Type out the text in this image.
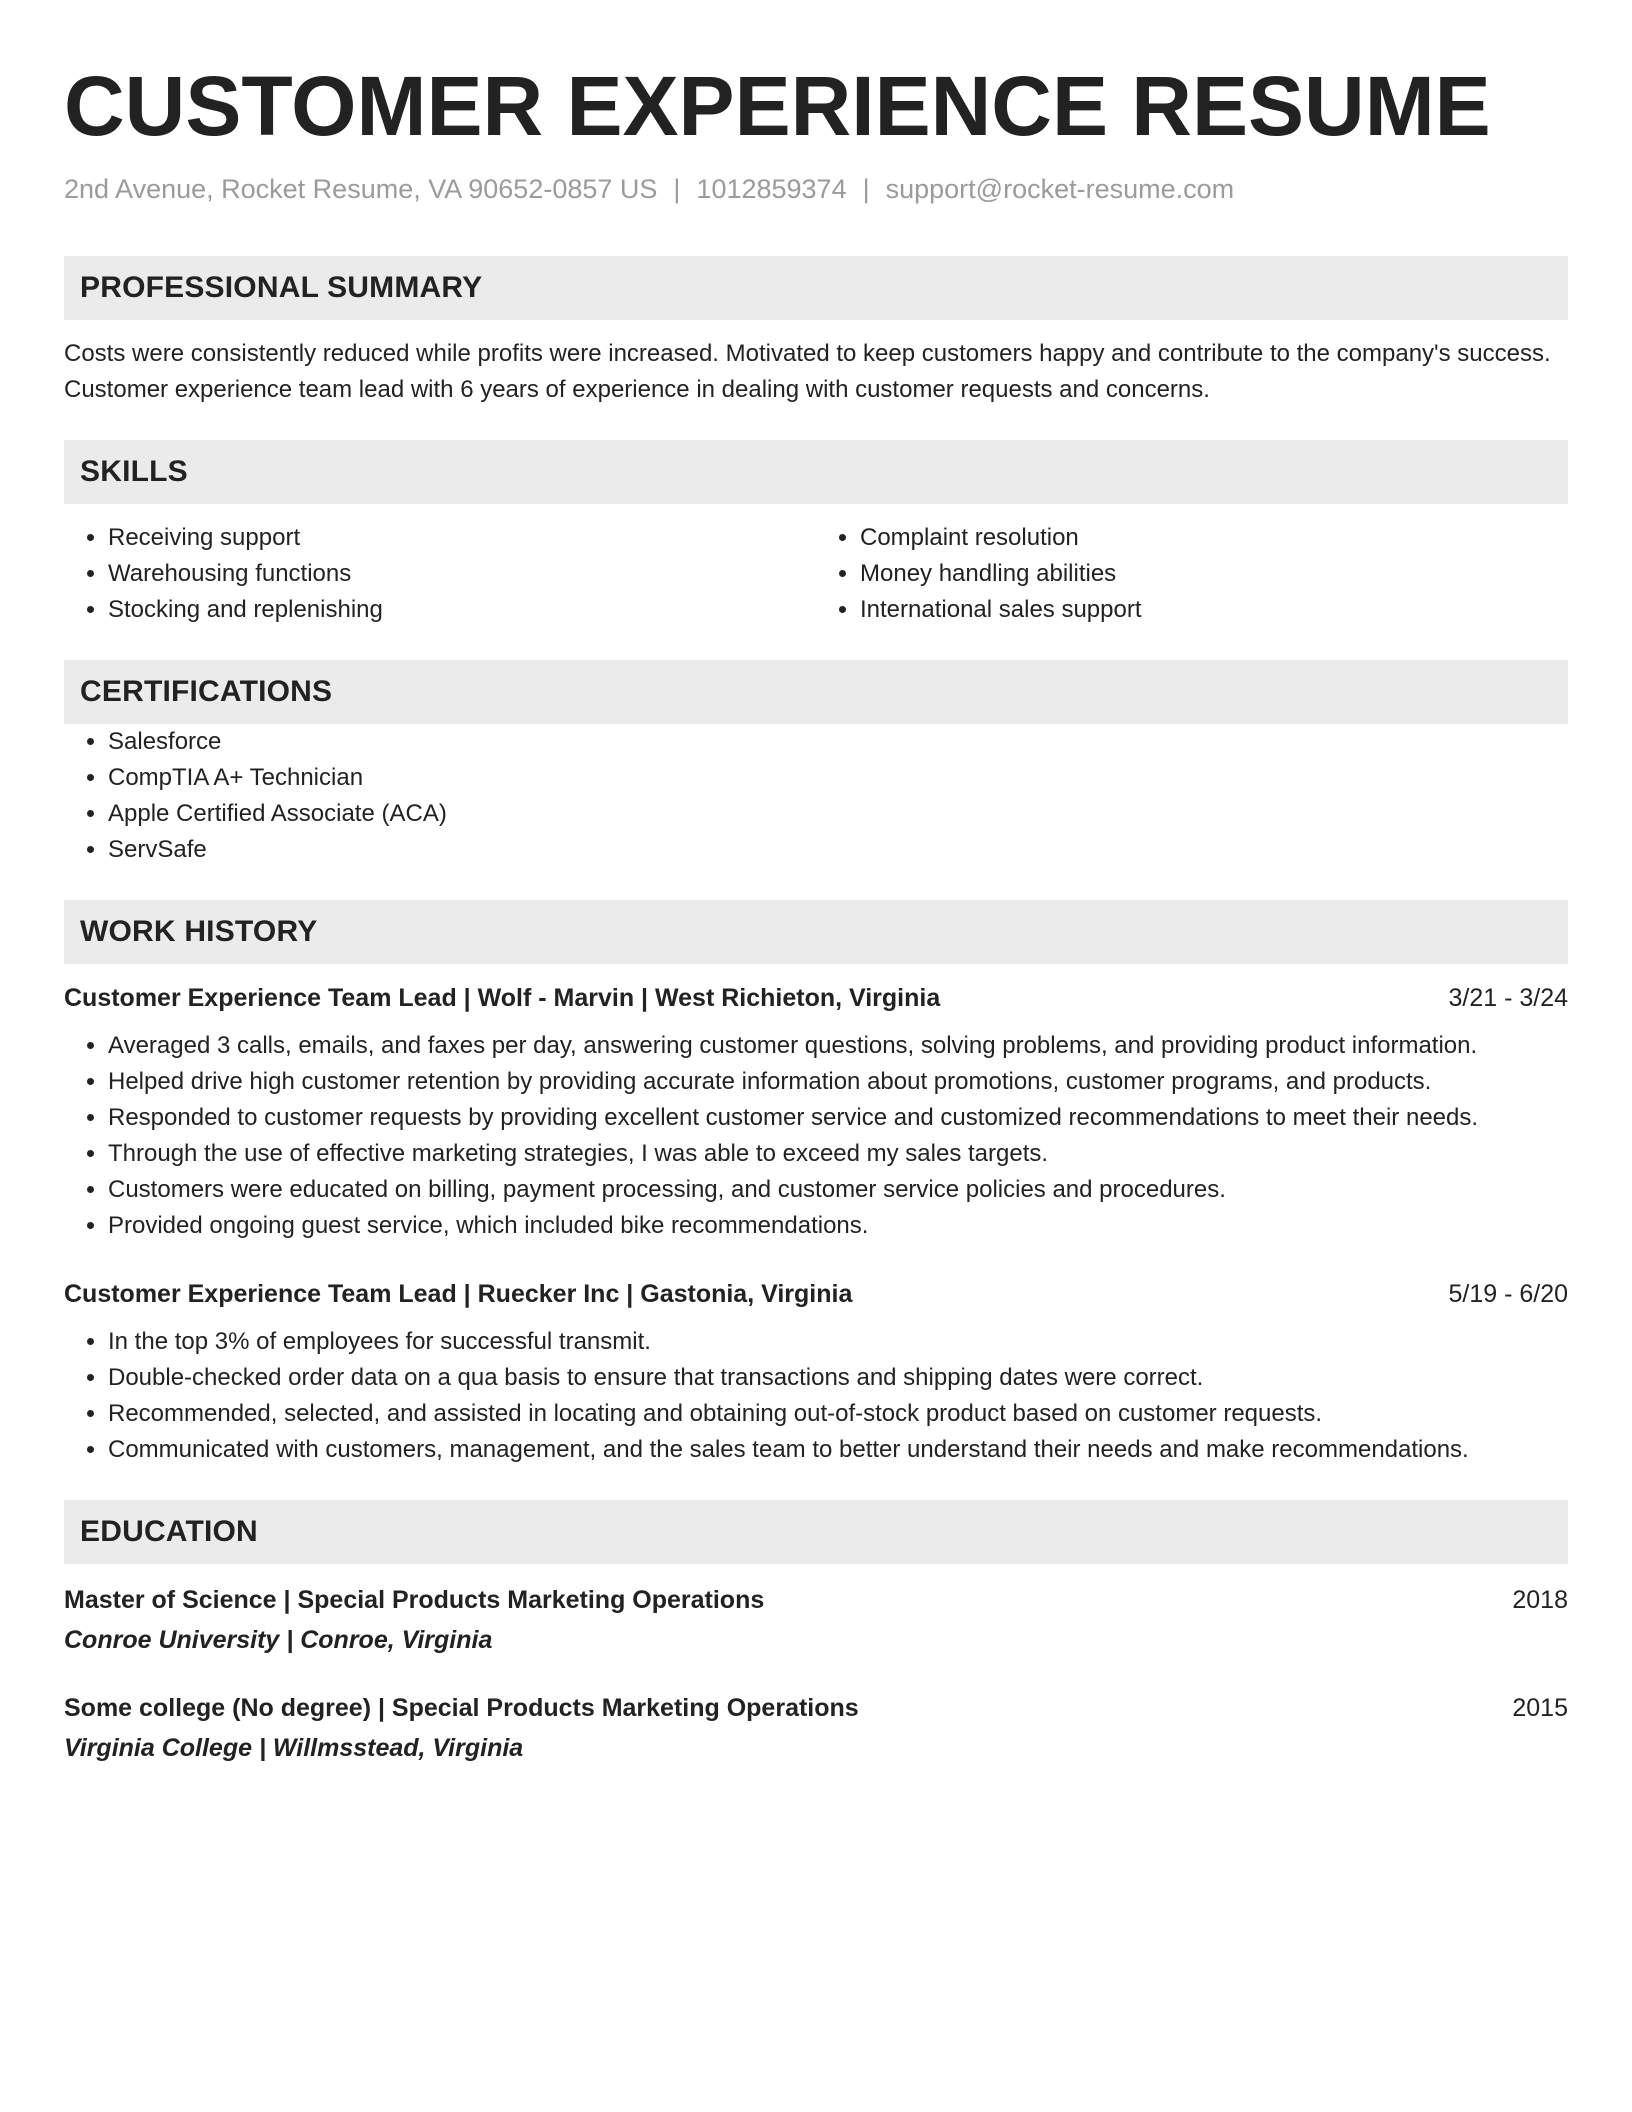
CUSTOMER EXPERIENCE RESUME
2nd Avenue, Rocket Resume, VA 90652-0857 US | 1012859374 | support@rocket-resume.com
PROFESSIONAL SUMMARY
Costs were consistently reduced while profits were increased. Motivated to keep customers happy and contribute to the company's success. Customer experience team lead with 6 years of experience in dealing with customer requests and concerns.
SKILLS
• Receiving support
• Warehousing functions
• Stocking and replenishing
• Complaint resolution
• Money handling abilities
• International sales support
CERTIFICATIONS
• Salesforce
• CompTIA A+ Technician
• Apple Certified Associate (ACA)
• ServSafe
WORK HISTORY
Customer Experience Team Lead | Wolf - Marvin | West Richieton, Virginia	3/21 - 3/24
• Averaged 3 calls, emails, and faxes per day, answering customer questions, solving problems, and providing product information.
• Helped drive high customer retention by providing accurate information about promotions, customer programs, and products.
• Responded to customer requests by providing excellent customer service and customized recommendations to meet their needs.
• Through the use of effective marketing strategies, I was able to exceed my sales targets.
• Customers were educated on billing, payment processing, and customer service policies and procedures.
• Provided ongoing guest service, which included bike recommendations.
Customer Experience Team Lead | Ruecker Inc | Gastonia, Virginia	5/19 - 6/20
• In the top 3% of employees for successful transmit.
• Double-checked order data on a qua basis to ensure that transactions and shipping dates were correct.
• Recommended, selected, and assisted in locating and obtaining out-of-stock product based on customer requests.
• Communicated with customers, management, and the sales team to better understand their needs and make recommendations.
EDUCATION
Master of Science | Special Products Marketing Operations	2018
Conroe University | Conroe, Virginia
Some college (No degree) | Special Products Marketing Operations	2015
Virginia College | Willmsstead, Virginia
